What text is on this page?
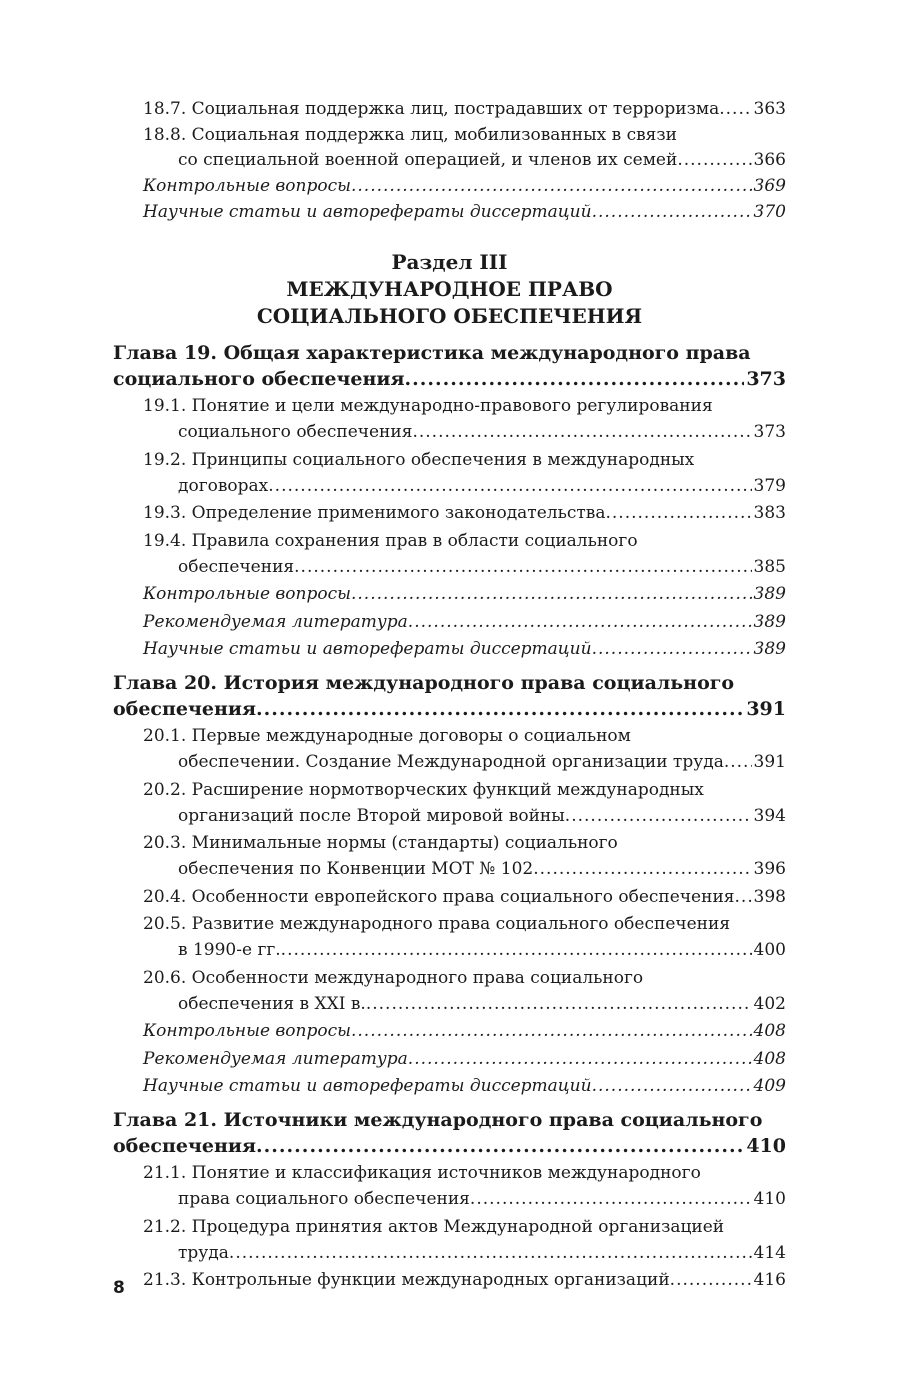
18.7. Социальная поддержка лиц, пострадавших от терроризма . . . 363
18.8. Социальная поддержка лиц, мобилизованных в связи
со специальной военной операцией, и членов их семей . . .	366
Контрольные вопросы . . .	369
Научные статьи и авторефераты диссертаций . . .	370
Раздел III
МЕЖДУНАРОДНОЕ ПРАВО
СОЦИАЛЬНОГО ОБЕСПЕЧЕНИЯ
Глава 19. Общая характеристика международного права
социального обеспечения . . .	373
19.1. Понятие и цели международно-правового регулирования
социального обеспечения . . .	373
19.2. Принципы социального обеспечения в международных
договорах . . .	379
19.3. Определение применимого законодательства . . .	383
19.4. Правила сохранения прав в области социального
обеспечения . . .	385
Контрольные вопросы . . .	389
Рекомендуемая литература . . .	389
Научные статьи и авторефераты диссертаций . . .	389
Глава 20. История международного права социального
обеспечения . . .	391
20.1. Первые международные договоры о социальном
обеспечении. Создание Международной организации труда . . . 391
20.2. Расширение нормотворческих функций международных
организаций после Второй мировой войны . . .	394
20.3. Минимальные нормы (стандарты) социального
обеспечения по Конвенции МОТ № 102 . . .	396
20.4. Особенности европейского права социального обеспечения . . . 398
20.5. Развитие международного права социального обеспечения
в 1990-е гг. . . .	400
20.6. Особенности международного права социального
обеспечения в XXI в. . . .	402
Контрольные вопросы . . .	408
Рекомендуемая литература . . .	408
Научные статьи и авторефераты диссертаций . . .	409
Глава 21. Источники международного права социального
обеспечения . . .	410
21.1. Понятие и классификация источников международного
права социального обеспечения . . .	410
21.2. Процедура принятия актов Международной организацией
труда . . .	414
21.3. Контрольные функции международных организаций . . .	416
8
